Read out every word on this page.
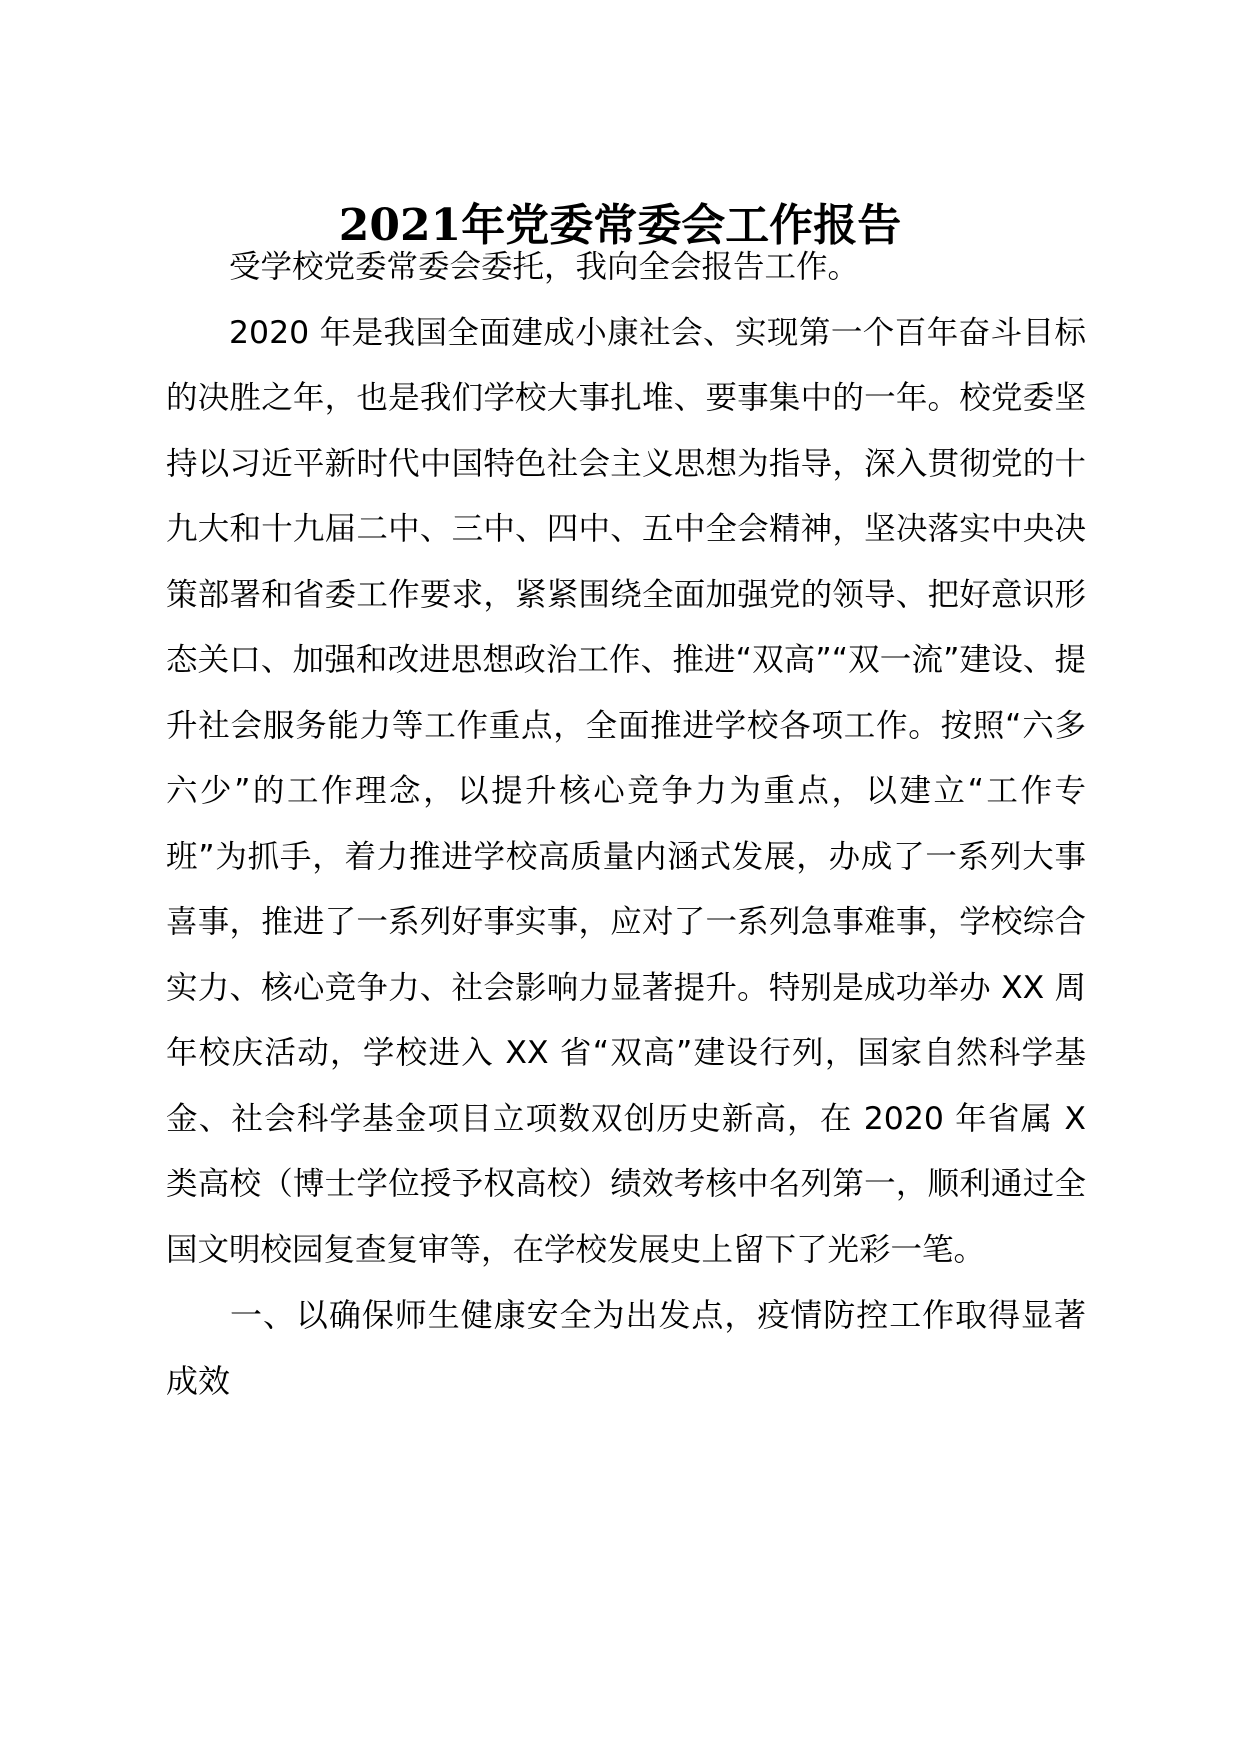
2021年党委常委会工作报告

受学校党委常委会委托，我向全会报告工作。

2020 年是我国全面建成小康社会、实现第一个百年奋斗目标的决胜之年，也是我们学校大事扎堆、要事集中的一年。校党委坚持以习近平新时代中国特色社会主义思想为指导，深入贯彻党的十九大和十九届二中、三中、四中、五中全会精神，坚决落实中央决策部署和省委工作要求，紧紧围绕全面加强党的领导、把好意识形态关口、加强和改进思想政治工作、推进“双高”“双一流”建设、提升社会服务能力等工作重点，全面推进学校各项工作。按照“六多六少”的工作理念，以提升核心竞争力为重点，以建立“工作专班”为抓手，着力推进学校高质量内涵式发展，办成了一系列大事喜事，推进了一系列好事实事，应对了一系列急事难事，学校综合实力、核心竞争力、社会影响力显著提升。特别是成功举办 XX 周年校庆活动，学校进入 XX 省“双高”建设行列，国家自然科学基金、社会科学基金项目立项数双创历史新高，在 2020 年省属 X 类高校（博士学位授予权高校）绩效考核中名列第一，顺利通过全国文明校园复查复审等，在学校发展史上留下了光彩一笔。

一、以确保师生健康安全为出发点，疫情防控工作取得显著成效
